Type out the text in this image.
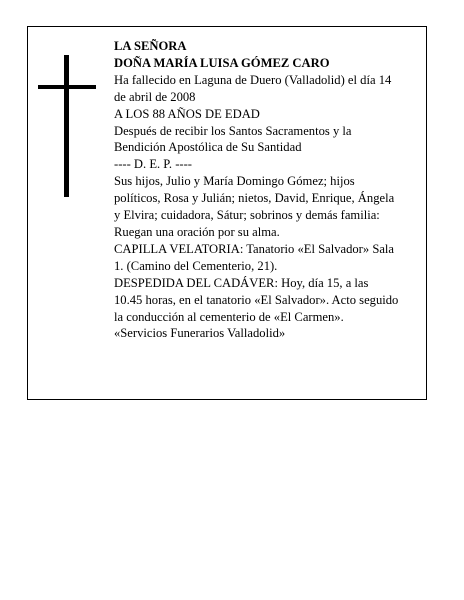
LA SEÑORA
DOÑA MARÍA LUISA GÓMEZ CARO
Ha fallecido en Laguna de Duero (Valladolid) el día 14
de abril de 2008
A LOS 88 AÑOS DE EDAD
Después de recibir los Santos Sacramentos y la
Bendición Apostólica de Su Santidad
---- D. E. P. ----
Sus hijos, Julio y María Domingo Gómez; hijos
políticos, Rosa y Julián; nietos, David, Enrique, Ángela
y Elvira; cuidadora, Sátur; sobrinos y demás familia:
Ruegan una oración por su alma.
CAPILLA VELATORIA: Tanatorio «El Salvador» Sala
1. (Camino del Cementerio, 21).
DESPEDIDA DEL CADÁVER: Hoy, día 15, a las
10.45 horas, en el tanatorio «El Salvador». Acto seguido
la conducción al cementerio de «El Carmen».
«Servicios Funerarios Valladolid»
